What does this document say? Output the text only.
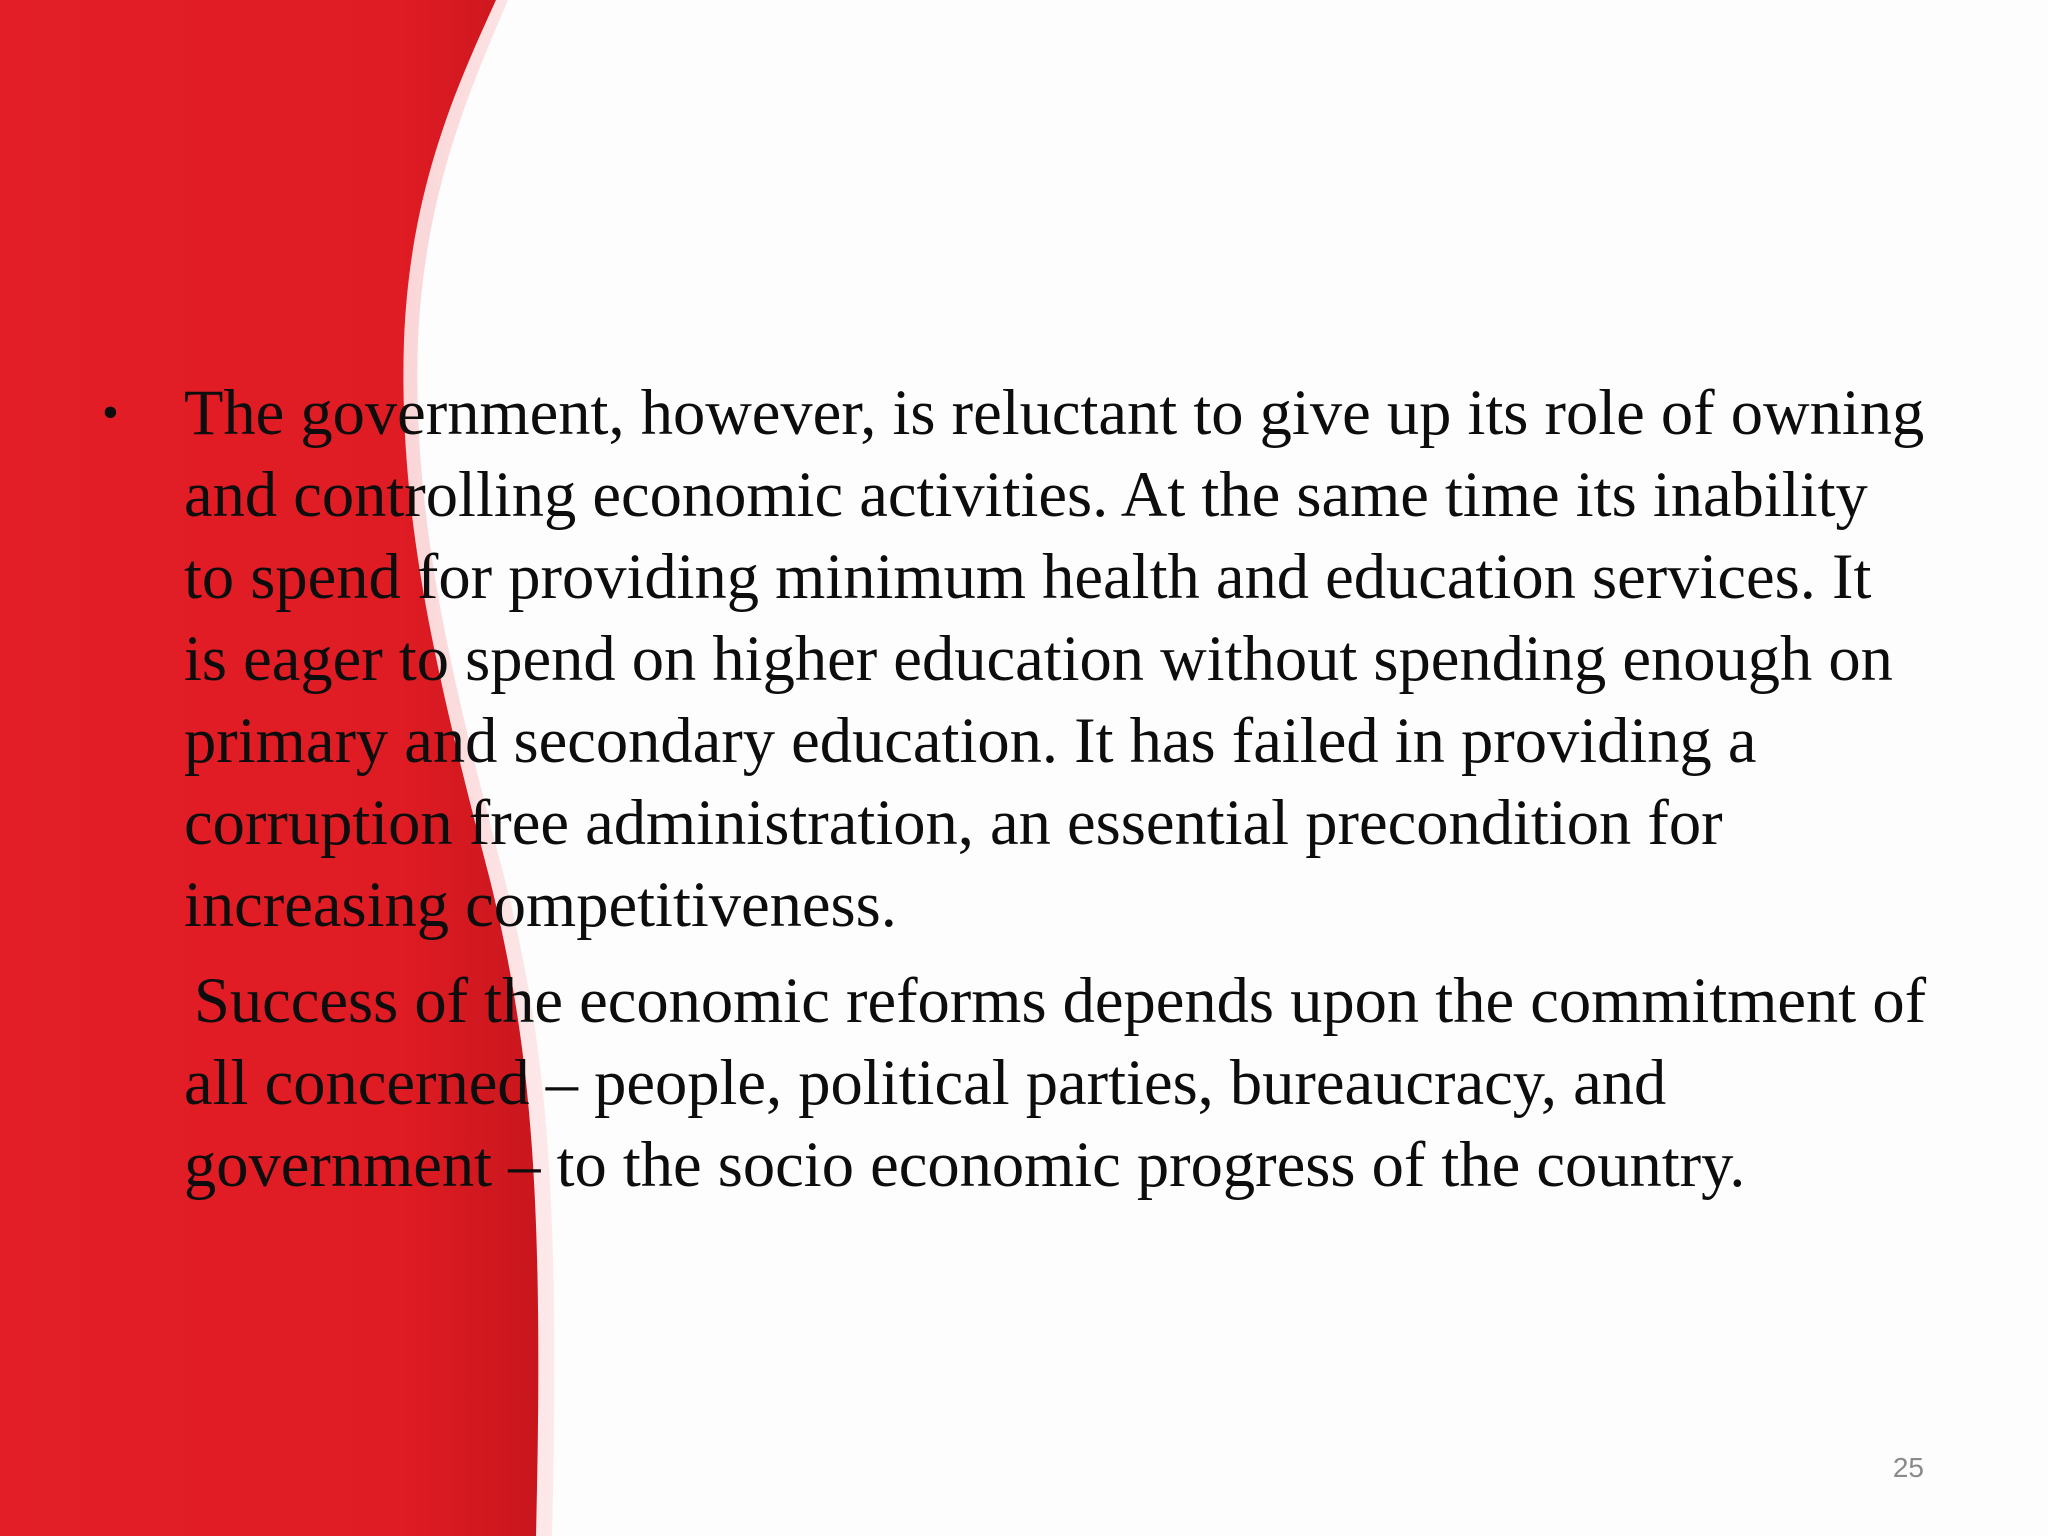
• The government, however, is reluctant to give up its role of owning
and controlling economic activities. At the same time its inability
to spend for providing minimum health and education services. It
is eager to spend on higher education without spending enough on
primary and secondary education. It has failed in providing a
corruption free administration, an essential precondition for
increasing competitiveness.
Success of the economic reforms depends upon the commitment of
all concerned – people, political parties, bureaucracy, and
government – to the socio economic progress of the country.
25
